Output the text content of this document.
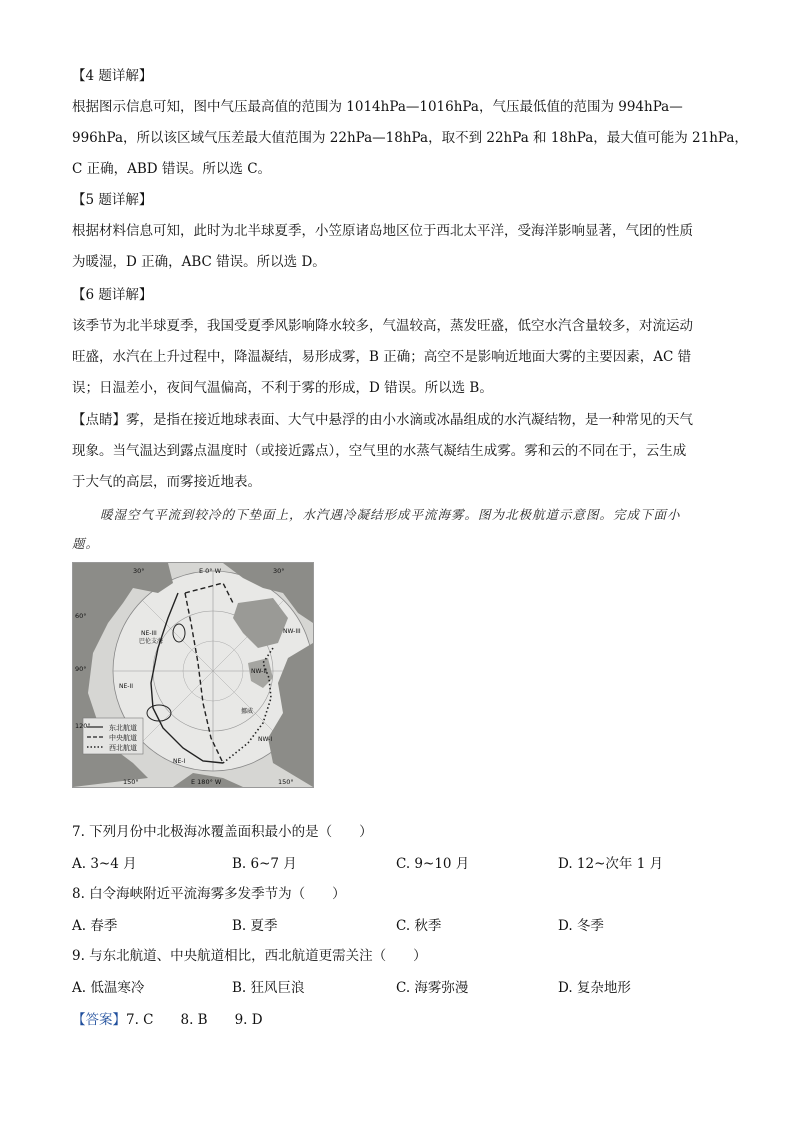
【4 题详解】
根据图示信息可知，图中气压最高值的范围为 1014hPa—1016hPa，气压最低值的范围为 994hPa—
996hPa，所以该区域气压差最大值范围为 22hPa—18hPa，取不到 22hPa 和 18hPa，最大值可能为 21hPa，
C 正确，ABD 错误。所以选 C。
【5 题详解】
根据材料信息可知，此时为北半球夏季，小笠原诸岛地区位于西北太平洋，受海洋影响显著，气团的性质
为暖湿，D 正确，ABC 错误。所以选 D。
【6 题详解】
该季节为北半球夏季，我国受夏季风影响降水较多，气温较高，蒸发旺盛，低空水汽含量较多，对流运动
旺盛，水汽在上升过程中，降温凝结，易形成雾，B 正确；高空不是影响近地面大雾的主要因素，AC 错
误；日温差小，夜间气温偏高，不利于雾的形成，D 错误。所以选 B。
【点睛】雾，是指在接近地球表面、大气中悬浮的由小水滴或冰晶组成的水汽凝结物，是一种常见的天气
现象。当气温达到露点温度时（或接近露点），空气里的水蒸气凝结生成雾。雾和云的不同在于，云生成
于大气的高层，而雾接近地表。
暖湿空气平流到较冷的下垫面上，水汽遇冷凝结形成平流海雾。图为北极航道示意图。完成下面小
题。
东北航道
中央航道
西北航道
E 0° W
E 180° W
30°	30°
60°
90°
120°
150°	150°
NE-III
巴伦支海
NE-II
NE-I
NW-III
NW-II
NW-I
挪威
7. 下列月份中北极海冰覆盖面积最小的是（　　）
A. 3~4 月	B. 6~7 月	C. 9~10 月	D. 12~次年 1 月
8. 白令海峡附近平流海雾多发季节为（　　）
A. 春季	B. 夏季	C. 秋季	D. 冬季
9. 与东北航道、中央航道相比，西北航道更需关注（　　）
A. 低温寒冷	B. 狂风巨浪	C. 海雾弥漫	D. 复杂地形
【答案】7. C　　8. B　　9. D
